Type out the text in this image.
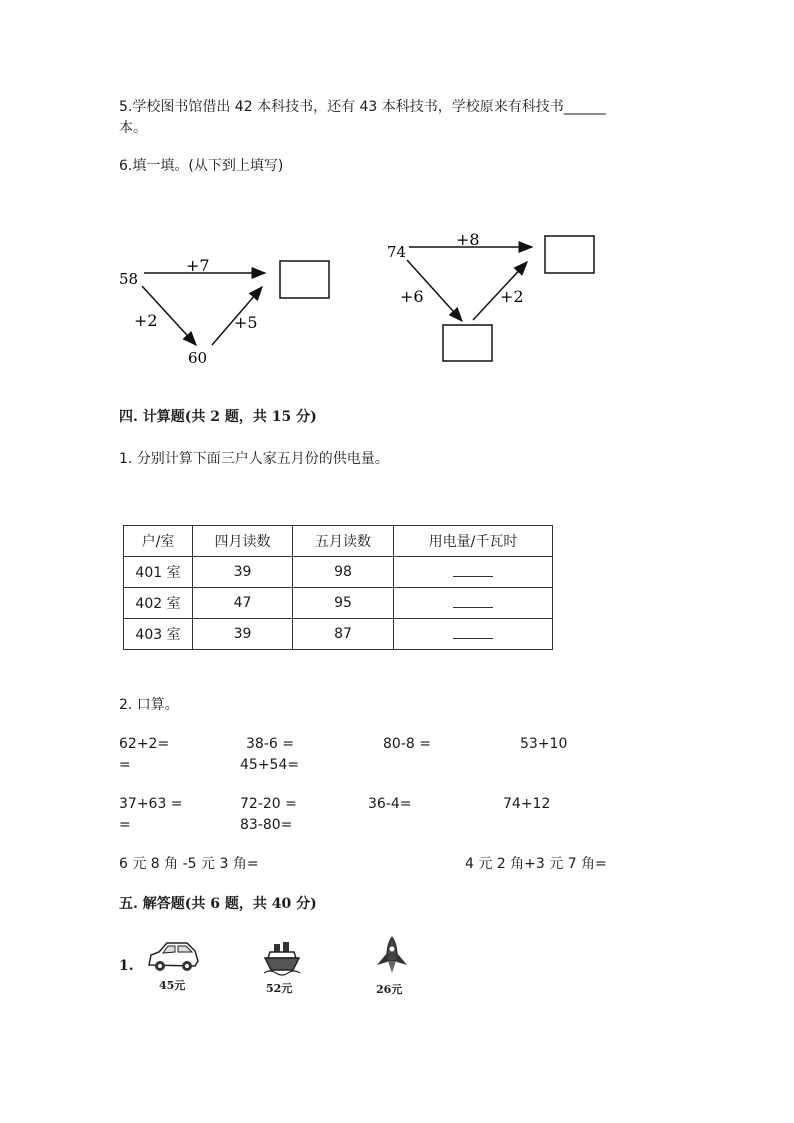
5.学校图书馆借出 42 本科技书，还有 43 本科技书，学校原来有科技书______
本。
6.填一填。(从下到上填写)
58
+7
+2	+5
60
74
+8
+6	+2
四. 计算题(共 2 题，共 15 分)
1. 分别计算下面三户人家五月份的供电量。
户/室	四月读数	五月读数	用电量/千瓦时
401 室	39	98	
402 室	47	95	
403 室	39	87	
2. 口算。
62+2=	38-6 =	80-8 =	53+10
=	45+54=
37+63 =	72-20 =	36-4=	74+12
=	83-80=
6 元 8 角 -5 元 3 角=	4 元 2 角+3 元 7 角=
五. 解答题(共 6 题，共 40 分)
1.
45元	52元	26元
